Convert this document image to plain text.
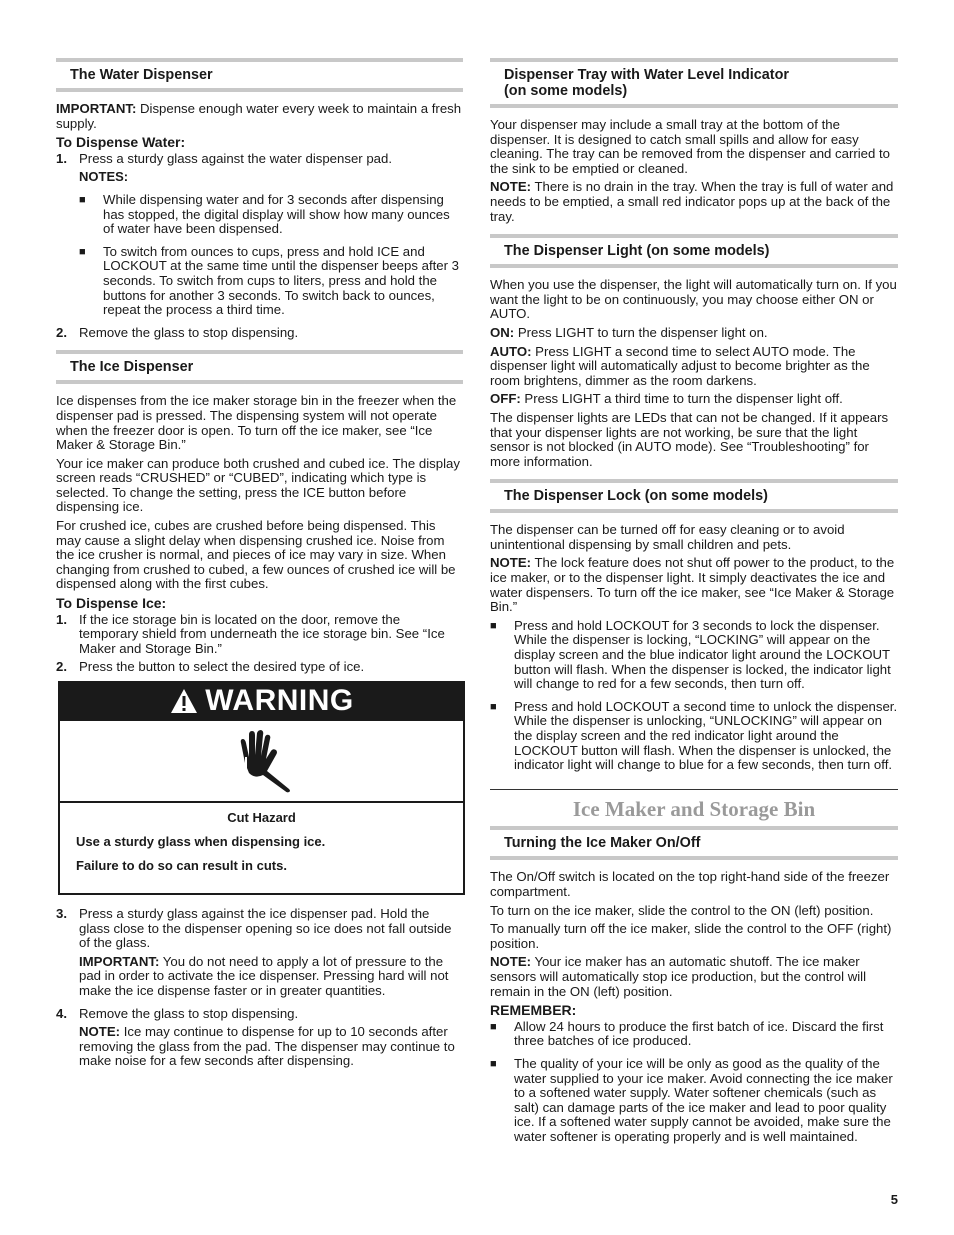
The Water Dispenser

IMPORTANT: Dispense enough water every week to maintain a fresh supply.

To Dispense Water:
1. Press a sturdy glass against the water dispenser pad.
NOTES:
■	While dispensing water and for 3 seconds after dispensing has stopped, the digital display will show how many ounces of water have been dispensed.
■	To switch from ounces to cups, press and hold ICE and LOCKOUT at the same time until the dispenser beeps after 3 seconds. To switch from cups to liters, press and hold the buttons for another 3 seconds. To switch back to ounces, repeat the process a third time.
2. Remove the glass to stop dispensing.
The Ice Dispenser

Ice dispenses from the ice maker storage bin in the freezer when the dispenser pad is pressed. The dispensing system will not operate when the freezer door is open. To turn off the ice maker, see “Ice Maker & Storage Bin.”

Your ice maker can produce both crushed and cubed ice. The display screen reads “CRUSHED” or “CUBED”, indicating which type is selected. To change the setting, press the ICE button before dispensing ice.

For crushed ice, cubes are crushed before being dispensed. This may cause a slight delay when dispensing crushed ice. Noise from the ice crusher is normal, and pieces of ice may vary in size. When changing from crushed to cubed, a few ounces of crushed ice will be dispensed along with the first cubes.

To Dispense Ice:
1. If the ice storage bin is located on the door, remove the temporary shield from underneath the ice storage bin. See “Ice Maker and Storage Bin.”
2. Press the button to select the desired type of ice.
WARNING
Cut Hazard

Use a sturdy glass when dispensing ice.

Failure to do so can result in cuts.

3. Press a sturdy glass against the ice dispenser pad. Hold the glass close to the dispenser opening so ice does not fall outside of the glass.

IMPORTANT: You do not need to apply a lot of pressure to the pad in order to activate the ice dispenser. Pressing hard will not make the ice dispense faster or in greater quantities.

4. Remove the glass to stop dispensing.

NOTE: Ice may continue to dispense for up to 10 seconds after removing the glass from the pad. The dispenser may continue to make noise for a few seconds after dispensing.

Dispenser Tray with Water Level Indicator
(on some models)

Your dispenser may include a small tray at the bottom of the dispenser. It is designed to catch small spills and allow for easy cleaning. The tray can be removed from the dispenser and carried to the sink to be emptied or cleaned.

NOTE: There is no drain in the tray. When the tray is full of water and needs to be emptied, a small red indicator pops up at the back of the tray.

The Dispenser Light (on some models)

When you use the dispenser, the light will automatically turn on. If you want the light to be on continuously, you may choose either ON or AUTO.

ON: Press LIGHT to turn the dispenser light on.

AUTO: Press LIGHT a second time to select AUTO mode. The dispenser light will automatically adjust to become brighter as the room brightens, dimmer as the room darkens.

OFF: Press LIGHT a third time to turn the dispenser light off.

The dispenser lights are LEDs that can not be changed. If it appears that your dispenser lights are not working, be sure that the light sensor is not blocked (in AUTO mode). See “Troubleshooting” for more information.

The Dispenser Lock (on some models)

The dispenser can be turned off for easy cleaning or to avoid unintentional dispensing by small children and pets.

NOTE: The lock feature does not shut off power to the product, to the ice maker, or to the dispenser light. It simply deactivates the ice and water dispensers. To turn off the ice maker, see “Ice Maker & Storage Bin.”

■	Press and hold LOCKOUT for 3 seconds to lock the dispenser. While the dispenser is locking, “LOCKING” will appear on the display screen and the blue indicator light around the LOCKOUT button will flash. When the dispenser is locked, the indicator light will change to red for a few seconds, then turn off.
■	Press and hold LOCKOUT a second time to unlock the dispenser. While the dispenser is unlocking, “UNLOCKING” will appear on the display screen and the red indicator light around the LOCKOUT button will flash. When the dispenser is unlocked, the indicator light will change to blue for a few seconds, then turn off.
Ice Maker and Storage Bin
Turning the Ice Maker On/Off

The On/Off switch is located on the top right-hand side of the freezer compartment.

To turn on the ice maker, slide the control to the ON (left) position.

To manually turn off the ice maker, slide the control to the OFF (right) position.

NOTE: Your ice maker has an automatic shutoff. The ice maker sensors will automatically stop ice production, but the control will remain in the ON (left) position.

REMEMBER:
■	Allow 24 hours to produce the first batch of ice. Discard the first three batches of ice produced.
■	The quality of your ice will be only as good as the quality of the water supplied to your ice maker. Avoid connecting the ice maker to a softened water supply. Water softener chemicals (such as salt) can damage parts of the ice maker and lead to poor quality ice. If a softened water supply cannot be avoided, make sure the water softener is operating properly and is well maintained.
5
